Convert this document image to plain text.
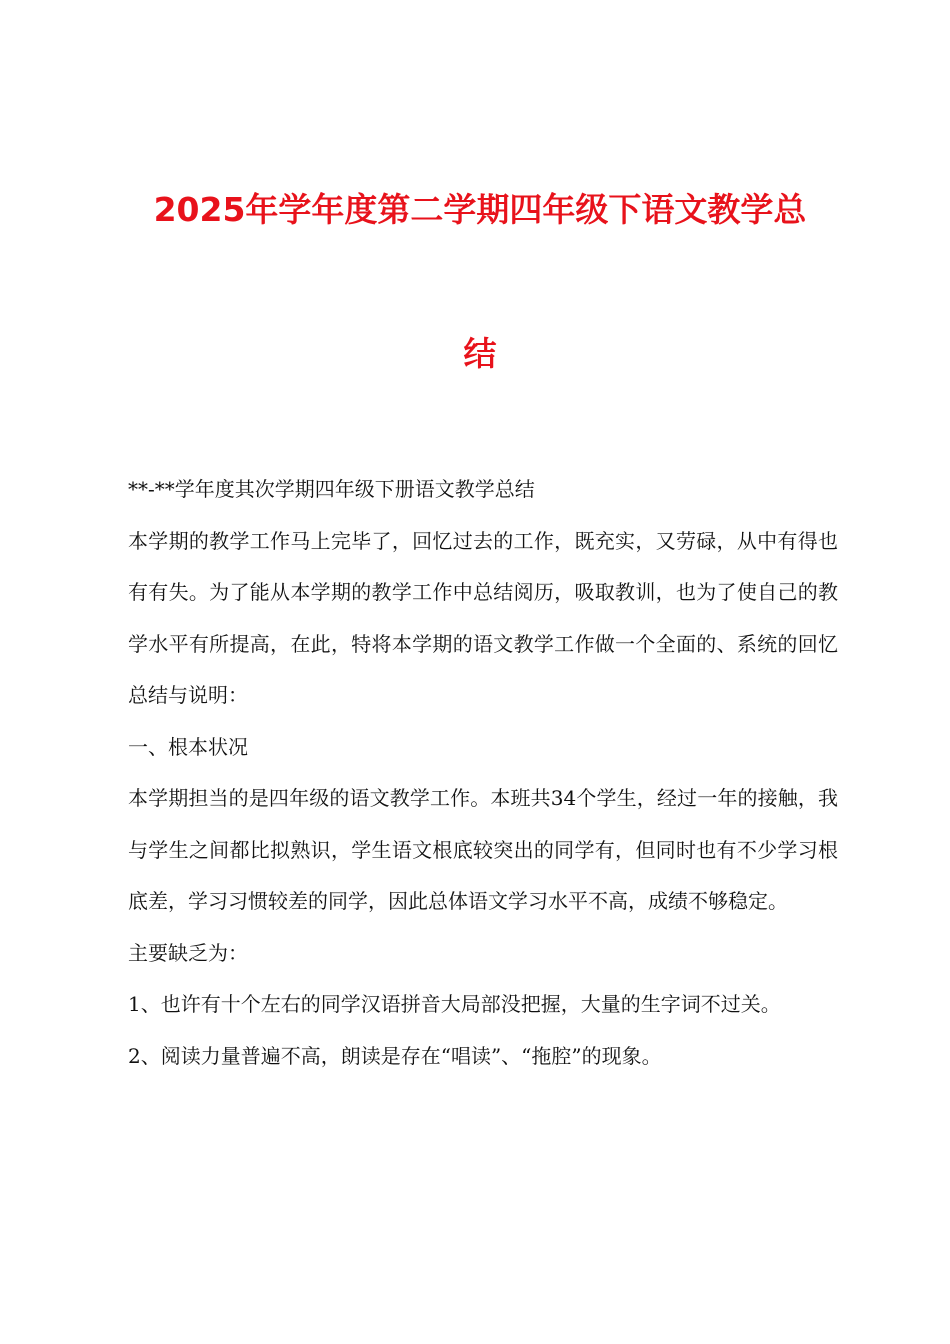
2025年学年度第二学期四年级下语文教学总
结

**-**学年度其次学期四年级下册语文教学总结

本学期的教学工作马上完毕了，回忆过去的工作，既充实，又劳碌，从中有得也有有失。为了能从本学期的教学工作中总结阅历，吸取教训，也为了使自己的教学水平有所提高，在此，特将本学期的语文教学工作做一个全面的、系统的回忆总结与说明：

一、根本状况

本学期担当的是四年级的语文教学工作。本班共34个学生，经过一年的接触，我与学生之间都比拟熟识，学生语文根底较突出的同学有，但同时也有不少学习根底差，学习习惯较差的同学，因此总体语文学习水平不高，成绩不够稳定。

主要缺乏为：

1、也许有十个左右的同学汉语拼音大局部没把握，大量的生字词不过关。

2、阅读力量普遍不高，朗读是存在“唱读”、“拖腔”的现象。
